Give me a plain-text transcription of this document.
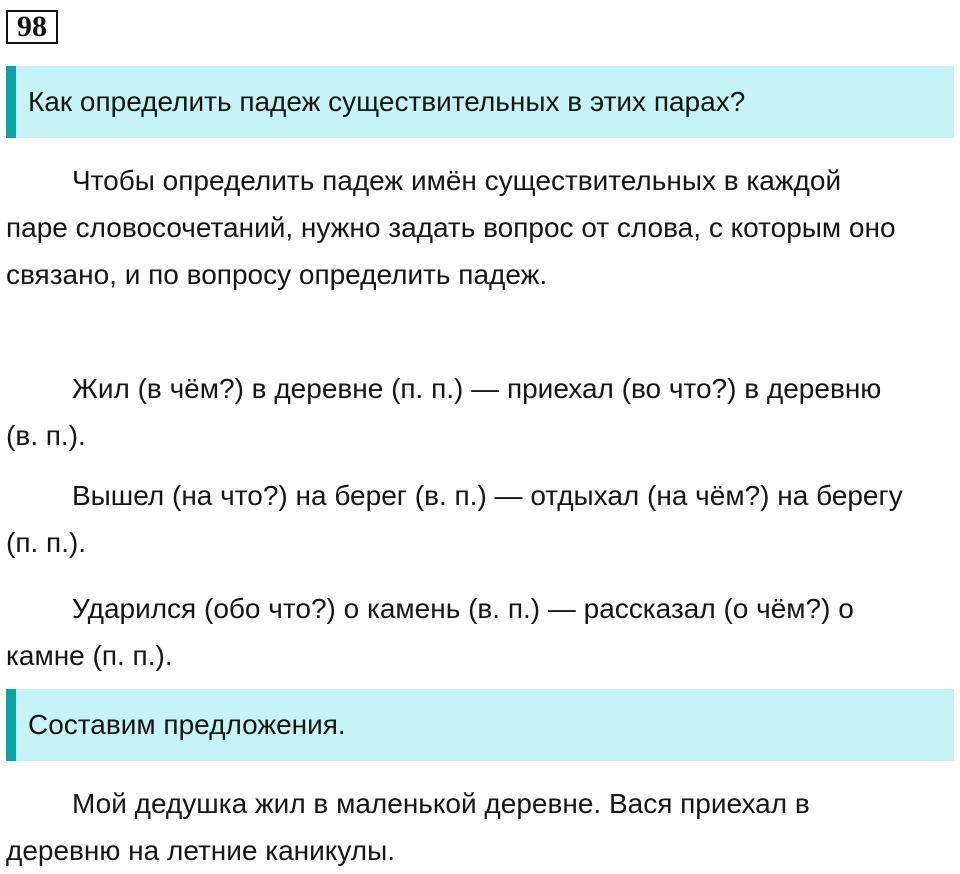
98
Как определить падеж существительных в этих парах?

Чтобы определить падеж имён существительных в каждой паре словосочетаний, нужно задать вопрос от слова, с которым оно связано, и по вопросу определить падеж.

Жил (в чём?) в деревне (п. п.) — приехал (во что?) в деревню (в. п.).

Вышел (на что?) на берег (в. п.) — отдыхал (на чём?) на берегу (п. п.).

Ударился (обо что?) о камень (в. п.) — рассказал (о чём?) о камне (п. п.).

Составим предложения.

Мой дедушка жил в маленькой деревне. Вася приехал в деревню на летние каникулы.
